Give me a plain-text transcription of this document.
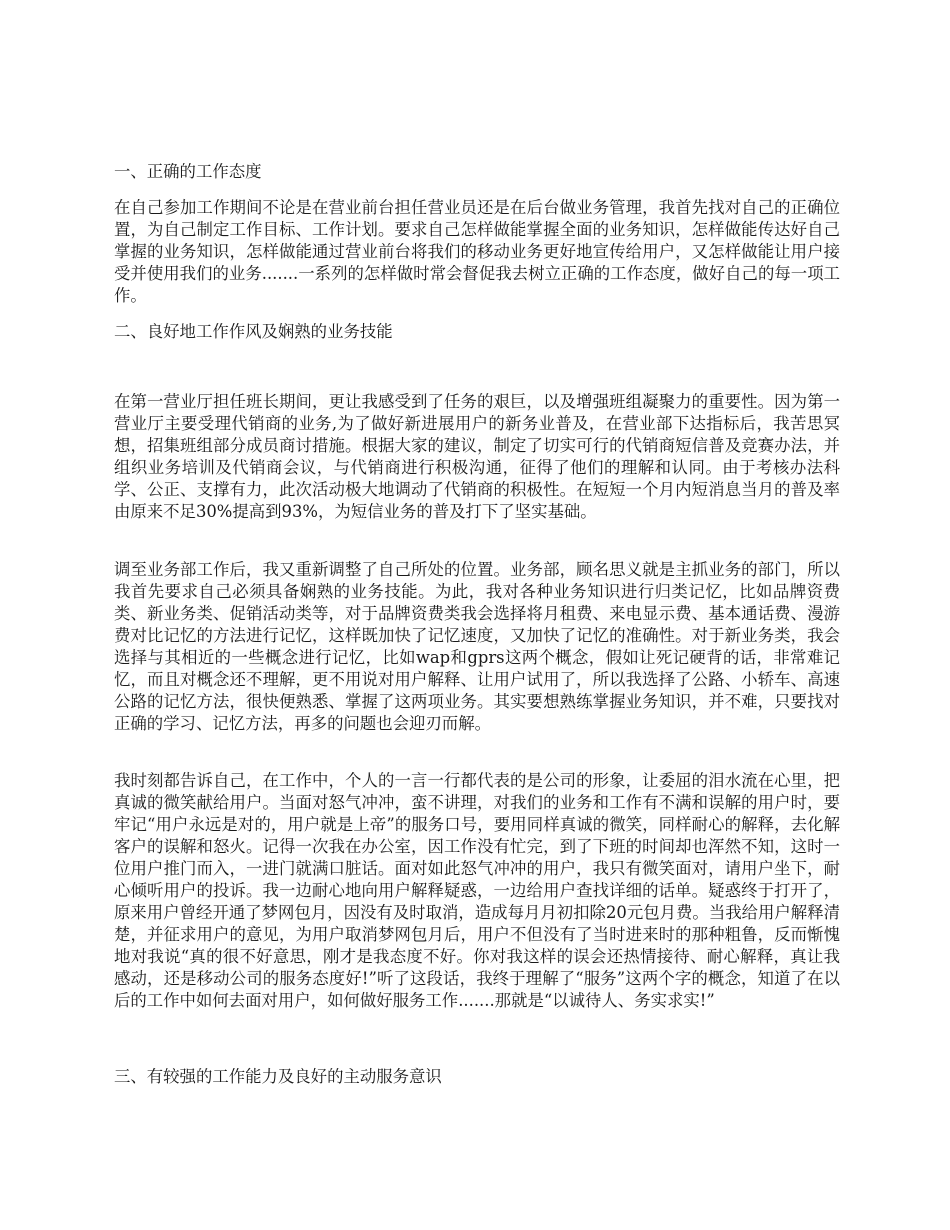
一、正确的工作态度

在自己参加工作期间不论是在营业前台担任营业员还是在后台做业务管理，我首先找对自己的正确位置，为自己制定工作目标、工作计划。要求自己怎样做能掌握全面的业务知识，怎样做能传达好自己掌握的业务知识，怎样做能通过营业前台将我们的移动业务更好地宣传给用户，又怎样做能让用户接受并使用我们的业务.......一系列的怎样做时常会督促我去树立正确的工作态度，做好自己的每一项工作。

二、良好地工作作风及娴熟的业务技能

在第一营业厅担任班长期间，更让我感受到了任务的艰巨，以及增强班组凝聚力的重要性。因为第一营业厅主要受理代销商的业务,为了做好新进展用户的新务业普及，在营业部下达指标后，我苦思冥想，招集班组部分成员商讨措施。根据大家的建议，制定了切实可行的代销商短信普及竞赛办法，并组织业务培训及代销商会议，与代销商进行积极沟通，征得了他们的理解和认同。由于考核办法科学、公正、支撑有力，此次活动极大地调动了代销商的积极性。在短短一个月内短消息当月的普及率由原来不足30%提高到93%，为短信业务的普及打下了坚实基础。

调至业务部工作后，我又重新调整了自己所处的位置。业务部，顾名思义就是主抓业务的部门，所以我首先要求自己必须具备娴熟的业务技能。为此，我对各种业务知识进行归类记忆，比如品牌资费类、新业务类、促销活动类等，对于品牌资费类我会选择将月租费、来电显示费、基本通话费、漫游费对比记忆的方法进行记忆，这样既加快了记忆速度，又加快了记忆的准确性。对于新业务类，我会选择与其相近的一些概念进行记忆，比如wap和gprs这两个概念，假如让死记硬背的话，非常难记忆，而且对概念还不理解，更不用说对用户解释、让用户试用了，所以我选择了公路、小轿车、高速公路的记忆方法，很快便熟悉、掌握了这两项业务。其实要想熟练掌握业务知识，并不难，只要找对正确的学习、记忆方法，再多的问题也会迎刃而解。

我时刻都告诉自己，在工作中，个人的一言一行都代表的是公司的形象，让委屈的泪水流在心里，把真诚的微笑献给用户。当面对怒气冲冲，蛮不讲理，对我们的业务和工作有不满和误解的用户时，要牢记“用户永远是对的，用户就是上帝”的服务口号，要用同样真诚的微笑，同样耐心的解释，去化解客户的误解和怒火。记得一次我在办公室，因工作没有忙完，到了下班的时间却也浑然不知，这时一位用户推门而入，一进门就满口脏话。面对如此怒气冲冲的用户，我只有微笑面对，请用户坐下，耐心倾听用户的投诉。我一边耐心地向用户解释疑惑，一边给用户查找详细的话单。疑惑终于打开了，原来用户曾经开通了梦网包月，因没有及时取消，造成每月月初扣除20元包月费。当我给用户解释清楚，并征求用户的意见，为用户取消梦网包月后，用户不但没有了当时进来时的那种粗鲁，反而惭愧地对我说“真的很不好意思，刚才是我态度不好。你对我这样的误会还热情接待、耐心解释，真让我感动，还是移动公司的服务态度好!”听了这段话，我终于理解了“服务”这两个字的概念，知道了在以后的工作中如何去面对用户，如何做好服务工作.......那就是“以诚待人、务实求实!”

三、有较强的工作能力及良好的主动服务意识
